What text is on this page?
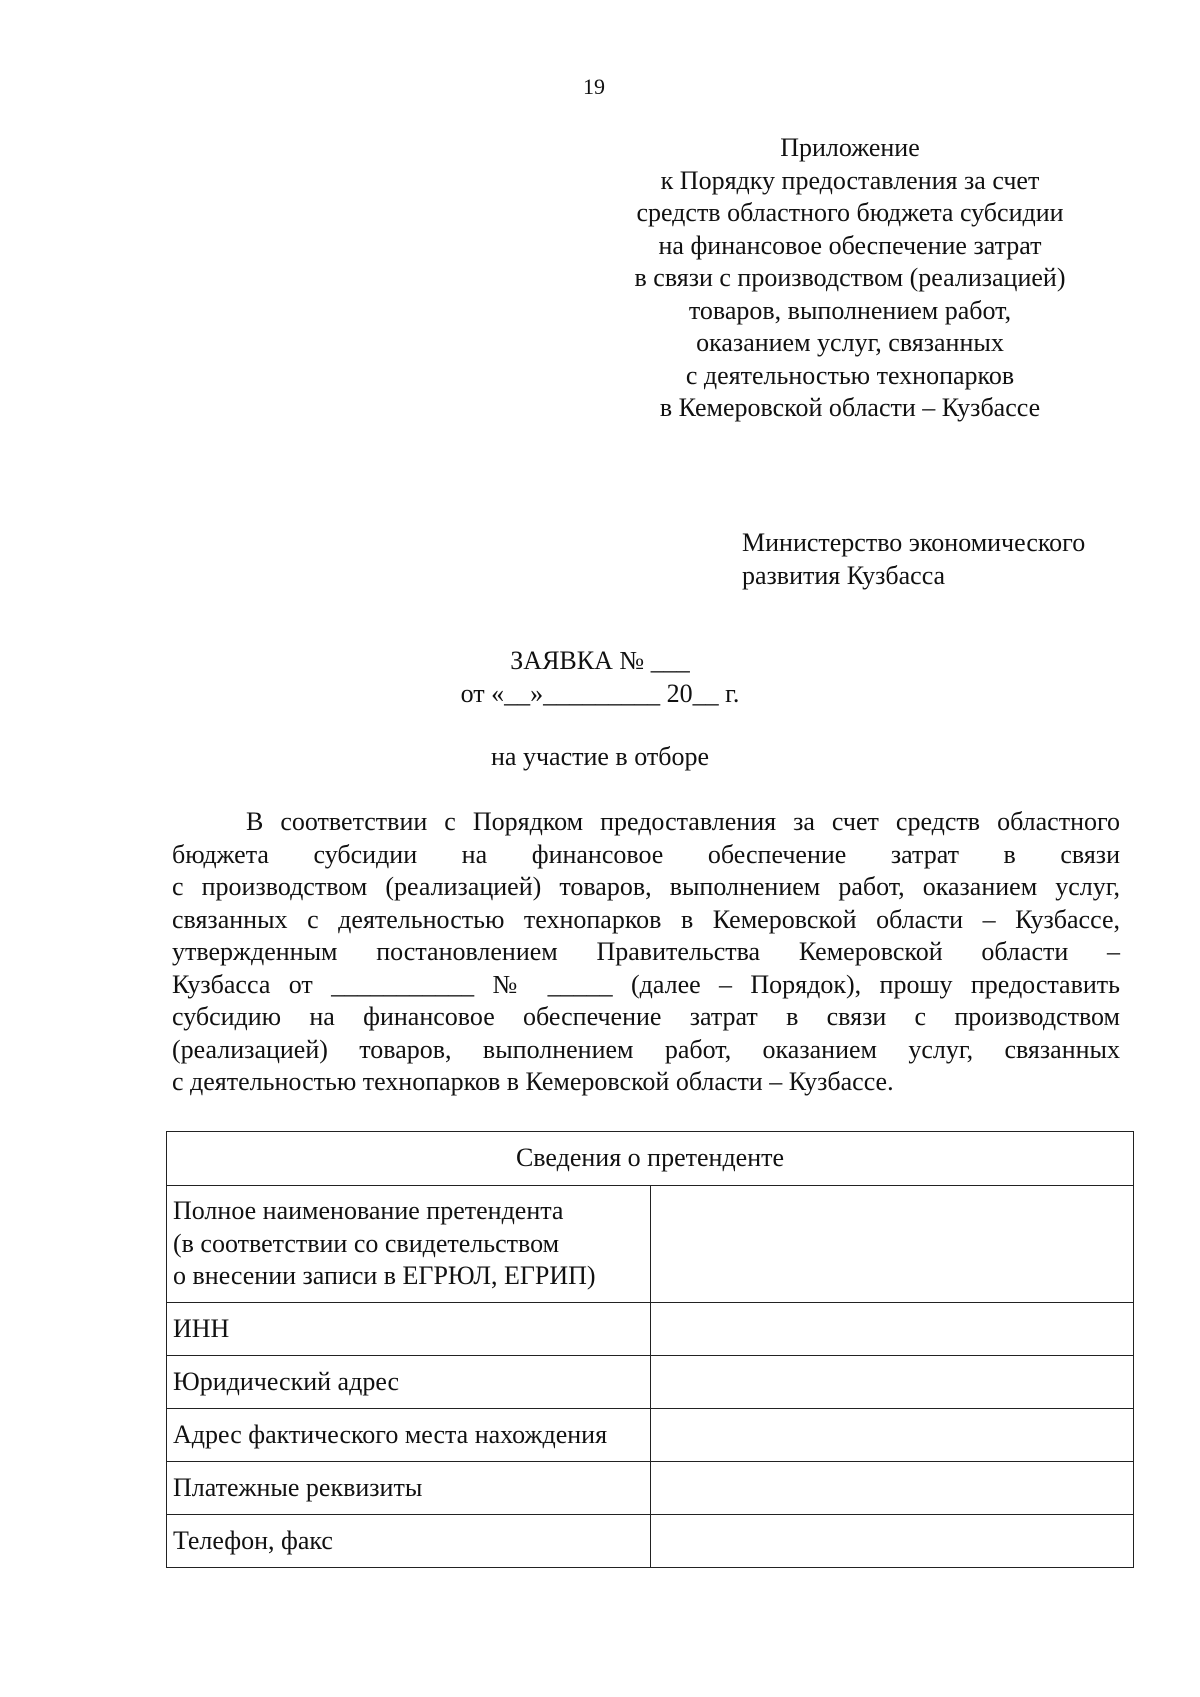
19
Приложение
к Порядку предоставления за счет
средств областного бюджета субсидии
на финансовое обеспечение затрат
в связи с производством (реализацией)
товаров, выполнением работ,
оказанием услуг, связанных
с деятельностью технопарков
в Кемеровской области – Кузбассе
Министерство экономического
развития Кузбасса
ЗАЯВКА № ___
от «__»_________ 20__ г.
на участие в отборе
В соответствии с Порядком предоставления за счет средств областного
бюджета субсидии на финансовое обеспечение затрат в связи
с производством (реализацией) товаров, выполнением работ, оказанием услуг,
связанных с деятельностью технопарков в Кемеровской области – Кузбассе,
утвержденным постановлением Правительства Кемеровской области –
Кузбасса от ___________ № _____ (далее – Порядок), прошу предоставить
субсидию на финансовое обеспечение затрат в связи с производством
(реализацией) товаров, выполнением работ, оказанием услуг, связанных
с деятельностью технопарков в Кемеровской области – Кузбассе.
Сведения о претенденте	

Полное наименование претендента
(в соответствии со свидетельством
о внесении записи в ЕГРЮЛ, ЕГРИП)	

ИНН	
Юридический адрес	
Адрес фактического места нахождения	
Платежные реквизиты	
Телефон, факс	
